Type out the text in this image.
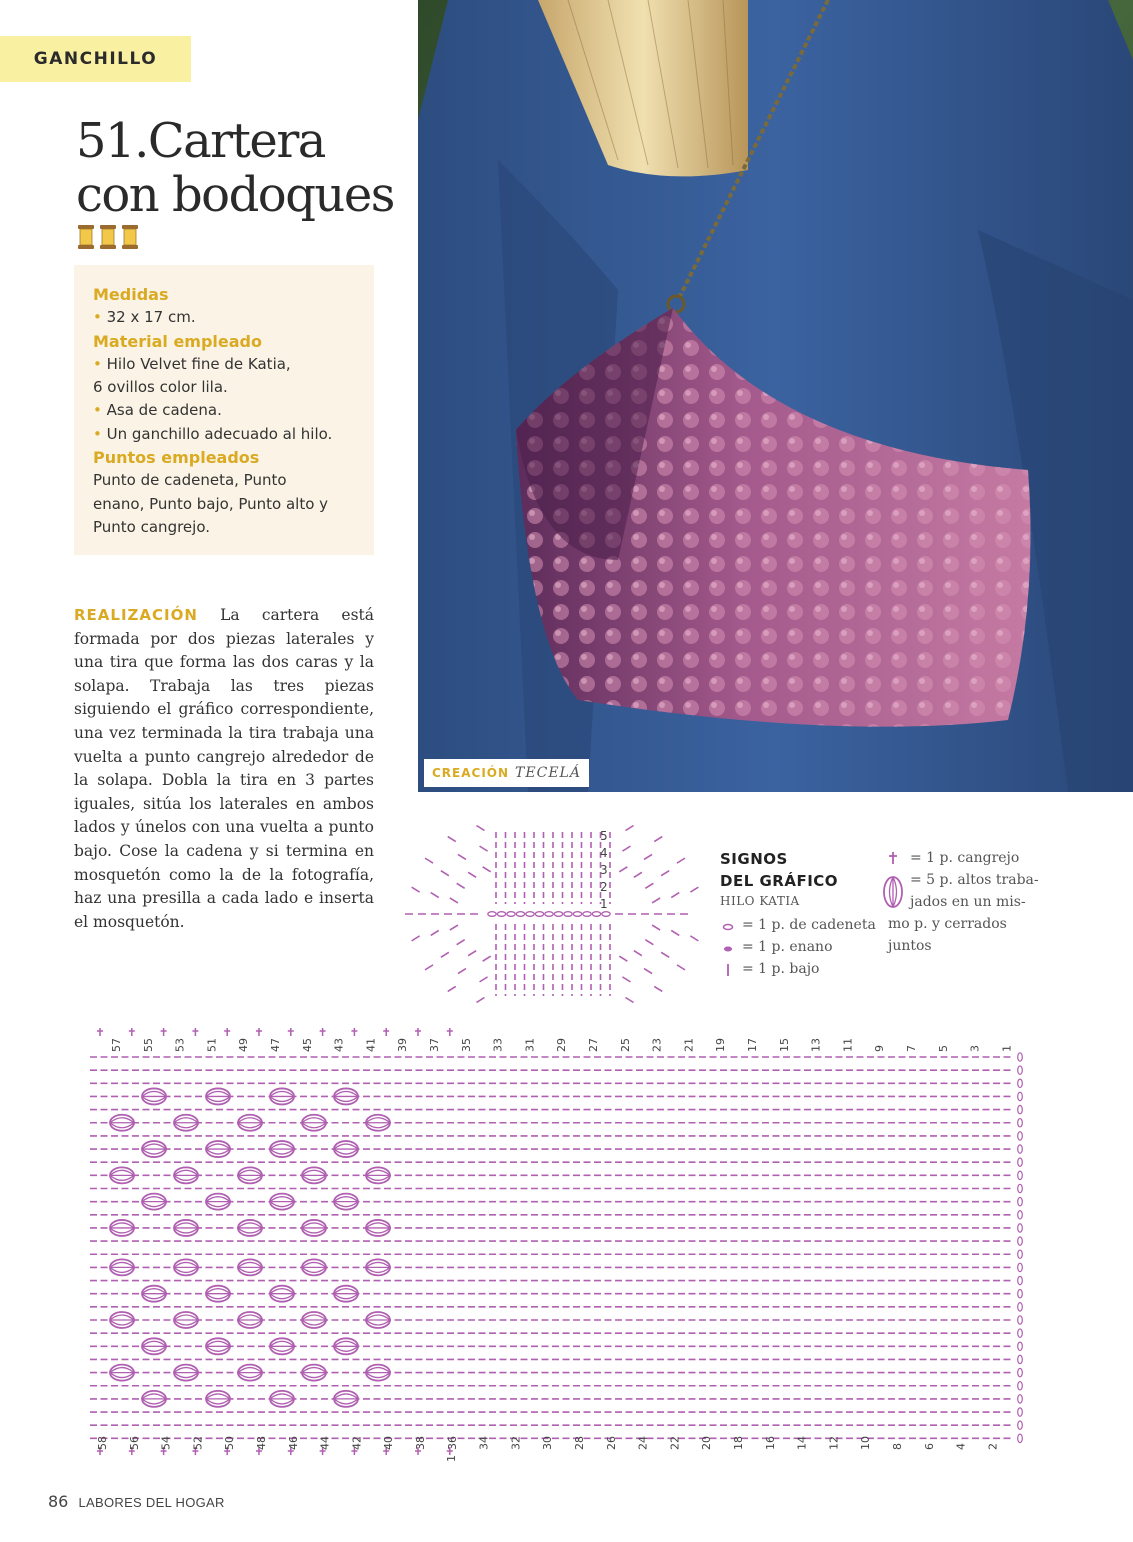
GANCHILLO
51.Cartera
con bodoques
Medidas
• 32 x 17 cm.
Material empleado
• Hilo Velvet fine de Katia,
6 ovillos color lila.
• Asa de cadena.
• Un ganchillo adecuado al hilo.
Puntos empleados
Punto de cadeneta, Punto
enano, Punto bajo, Punto alto y
Punto cangrejo.
REALIZACIÓN La cartera está formada por dos piezas laterales y una tira que forma las dos caras y la solapa. Trabaja las tres piezas siguiendo el gráfico correspondiente, una vez terminada la tira trabaja una vuelta a punto cangrejo alrededor de la solapa. Dobla la tira en 3 partes iguales, sitúa los laterales en ambos lados y únelos con una vuelta a punto bajo. Cose la cadena y si termina en mosquetón como la de la fotografía, haz una presilla a cada lado e inserta el mosquetón.
CREACIÓN TECELÁ
5
4
3
2
1
SIGNOS
DEL GRÁFICO
HILO KATIA
= 1 p. de cadeneta
= 1 p. enano
= 1 p. bajo
= 1 p. cangrejo
= 5 p. altos traba-
jados en un mis-
mo p. y cerrados
juntos
57 55 53 51 49 47 45 43 41 39 37 35 33 31 29 27 25 23 21 19 17 15 13 11 9 7 5 3 1
58 56 54 52 50 48 46 44 42 40 38 36 34 32 30 28 26 24 22 20 18 16 14 12 10 8 6 4 2
1
86 LABORES DEL HOGAR
